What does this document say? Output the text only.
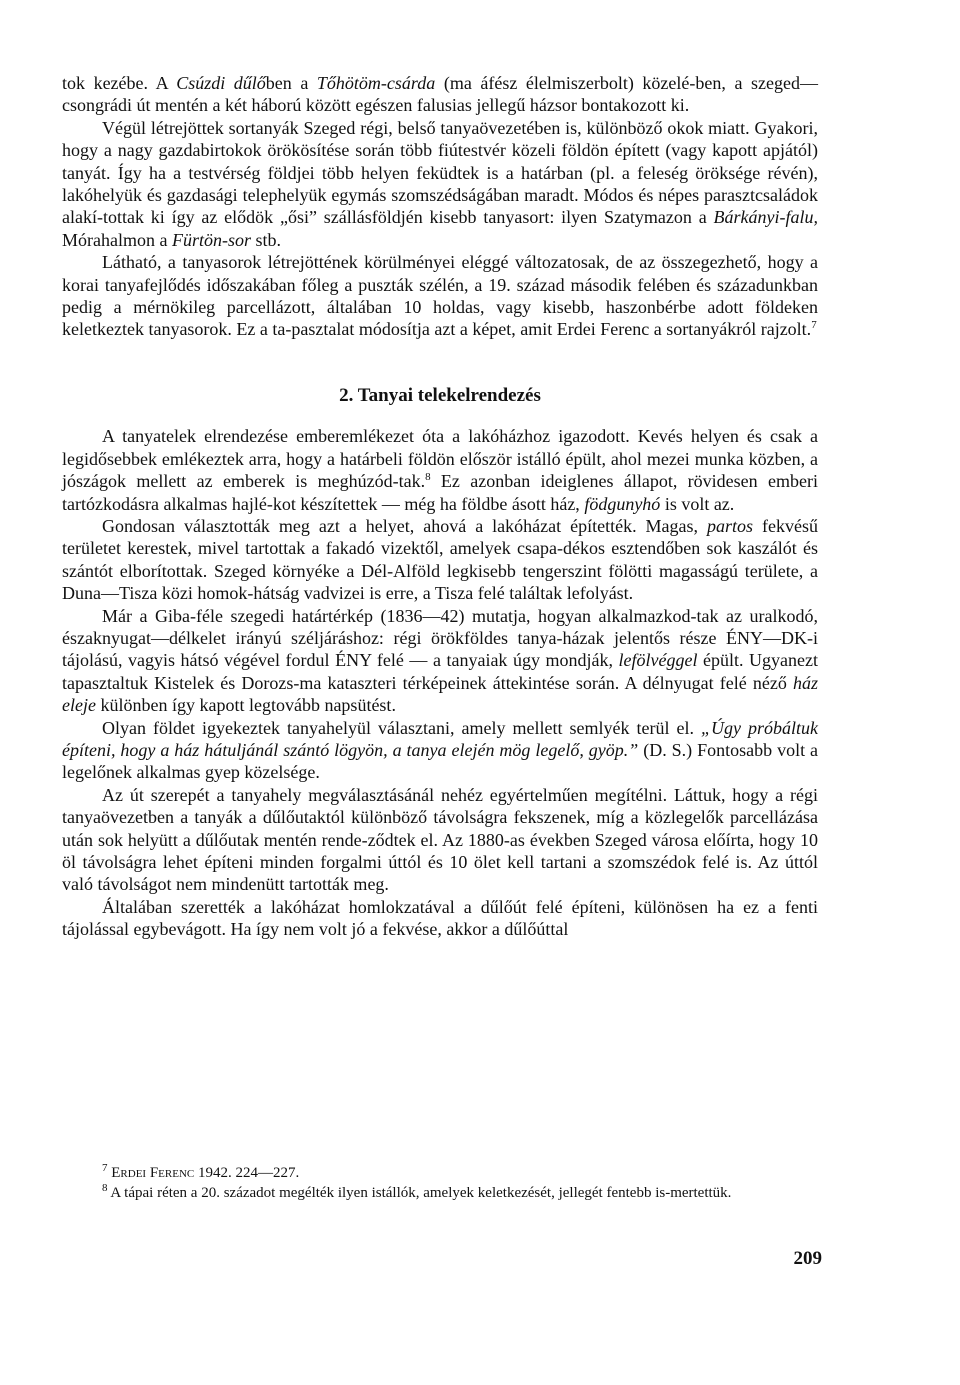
tok kezébe. A Csúzdi dűlőben a Tőhötöm-csárda (ma áfész élelmiszerbolt) közelé-ben, a szeged—csongrádi út mentén a két háború között egészen falusias jellegű házsor bontakozott ki.

Végül létrejöttek sortanyák Szeged régi, belső tanyaövezetében is, különböző okok miatt. Gyakori, hogy a nagy gazdabirtokok örökösítése során több fiútestvér közeli földön épített (vagy kapott apjától) tanyát. Így ha a testvérség földjei több helyen feküdtek is a határban (pl. a feleség öröksége révén), lakóhelyük és gazdasági telephelyük egymás szomszédságában maradt. Módos és népes parasztcsaládok alakí-tottak ki így az elődök „ősi” szállásföldjén kisebb tanyasort: ilyen Szatymazon a Bárkányi-falu, Mórahalmon a Fürtön-sor stb.

Látható, a tanyasorok létrejöttének körülményei eléggé változatosak, de az összegezhető, hogy a korai tanyafejlődés időszakában főleg a puszták szélén, a 19. század második felében és századunkban pedig a mérnökileg parcellázott, általában 10 holdas, vagy kisebb, haszonbérbe adott földeken keletkeztek tanyasorok. Ez a ta-pasztalat módosítja azt a képet, amit Erdei Ferenc a sortanyákról rajzolt.$^7$

2. Tanyai telekelrendezés

A tanyatelek elrendezése emberemlékezet óta a lakóházhoz igazodott. Kevés helyen és csak a legidősebbek emlékeztek arra, hogy a határbeli földön először istálló épült, ahol mezei munka közben, a jószágok mellett az emberek is meghúzód-tak.$^8$ Ez azonban ideiglenes állapot, rövidesen emberi tartózkodásra alkalmas hajlé-kot készítettek — még ha földbe ásott ház, födgunyhó is volt az.

Gondosan választották meg azt a helyet, ahová a lakóházat építették. Magas, partos fekvésű területet kerestek, mivel tartottak a fakadó vizektől, amelyek csapa-dékos esztendőben sok kaszálót és szántót elborítottak. Szeged környéke a Dél-Alföld legkisebb tengerszint fölötti magasságú területe, a Duna—Tisza közi homok-hátság vadvizei is erre, a Tisza felé találtak lefolyást.

Már a Giba-féle szegedi határtérkép (1836—42) mutatja, hogyan alkalmazkod-tak az uralkodó, északnyugat—délkelet irányú széljáráshoz: régi örökföldes tanya-házak jelentős része ÉNY—DK-i tájolású, vagyis hátsó végével fordul ÉNY felé — a tanyaiak úgy mondják, lefölvéggel épült. Ugyanezt tapasztaltuk Kistelek és Dorozs-ma kataszteri térképeinek áttekintése során. A délnyugat felé néző ház eleje különben így kapott legtovább napsütést.

Olyan földet igyekeztek tanyahelyül választani, amely mellett semlyék terül el. „Úgy próbáltuk építeni, hogy a ház hátuljánál szántó lögyön, a tanya elején mög legelő, gyöp.” (D. S.) Fontosabb volt a legelőnek alkalmas gyep közelsége.

Az út szerepét a tanyahely megválasztásánál nehéz egyértelműen megítélni. Láttuk, hogy a régi tanyaövezetben a tanyák a dűlőutaktól különböző távolságra fekszenek, míg a közlegelők parcellázása után sok helyütt a dűlőutak mentén rende-ződtek el. Az 1880-as években Szeged városa előírta, hogy 10 öl távolságra lehet építeni minden forgalmi úttól és 10 ölet kell tartani a szomszédok felé is. Az úttól való távolságot nem mindenütt tartották meg.

Általában szerették a lakóházat homlokzatával a dűlőút felé építeni, különösen ha ez a fenti tájolással egybevágott. Ha így nem volt jó a fekvése, akkor a dűlőúttal

$^7$ Erdei Ferenc 1942. 224—227.

$^8$ A tápai réten a 20. századot megélték ilyen istállók, amelyek keletkezését, jellegét fentebb is-mertettük.

209
